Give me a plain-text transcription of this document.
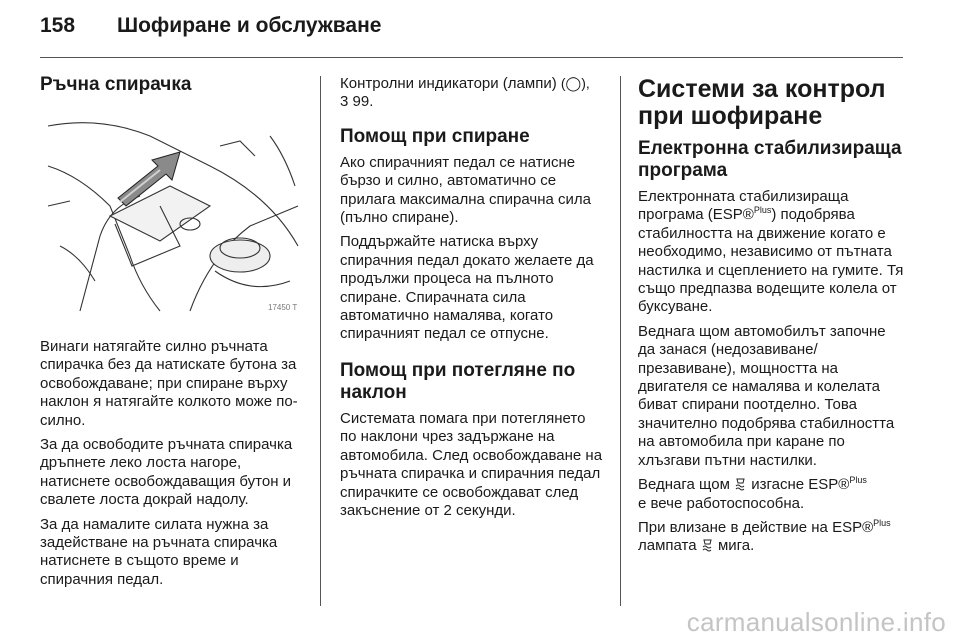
158 Шофиране и обслужване
Ръчна спирачка
17450 T

Винаги натягайте силно ръчната спирачка без да натискате бутона за освобождаване; при спиране върху наклон я натягайте колкото може по-силно.

За да освободите ръчната спирачка дръпнете леко лоста нагоре, натиснете освобождаващия бутон и свалете лоста докрай надолу.

За да намалите силата нужна за задействане на ръчната спирачка натиснете в същото време и спирачния педал.

Контролни индикатори (лампи) (◯),
3 99.

Помощ при спиране

Ако спирачният педал се натисне бързо и силно, автоматично се прилага максимална спирачна сила (пълно спиране).

Поддържайте натиска върху спирачния педал докато желаете да продължи процеса на пълното спиране. Спирачната сила автоматично намалява, когато спирачният педал се отпусне.

Помощ при потегляне по наклон

Системата помага при потеглянето по наклони чрез задържане на автомобила. След освобождаване на ръчната спирачка и спирачния педал спирачките се освобождават след закъснение от 2 секунди.

Системи за контрол при шофиране
Електронна стабилизираща програма

Електронната стабилизираща програма (ESP®$^{Plus}$) подобрява стабилността на движение когато е необходимо, независимо от пътната настилка и сцеплението на гумите. Тя също предпазва водещите колела от буксуване.

Веднага щом автомобилът започне да занася (недозавиване/ презавиване), мощността на двигателя се намалява и колелата биват спирани поотделно. Това значително подобрява стабилността на автомобила при каране по хлъзгави пътни настилки.

Веднага щом изгасне ESP®$^{Plus}$
е вече работоспособна.

При влизане в действие на ESP®$^{Plus}$ лампата мига.

carmanualsonline.info
